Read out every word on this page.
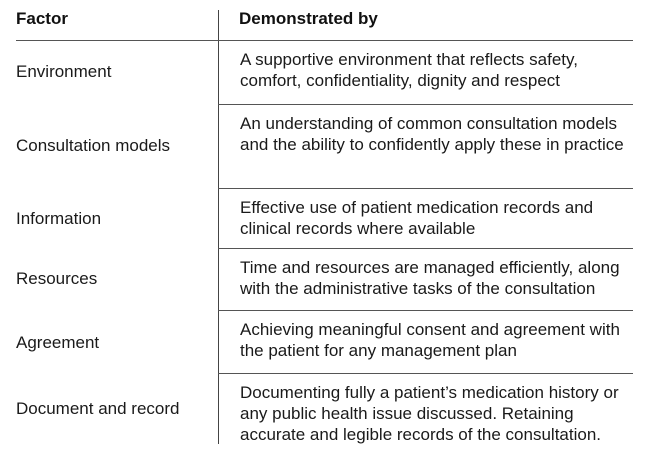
Factor	Demonstrated by
Environment
A supportive environment that reflects safety, comfort, confidentiality, dignity and respect
Consultation models
An understanding of common consultation models and the ability to confidently apply these in practice
Information
Effective use of patient medication records and clinical records where available
Resources
Time and resources are managed efficiently, along with the administrative tasks of the consultation
Agreement
Achieving meaningful consent and agreement with the patient for any management plan
Document and record
Documenting fully a patient’s medication history or any public health issue discussed. Retaining accurate and legible records of the consultation.
